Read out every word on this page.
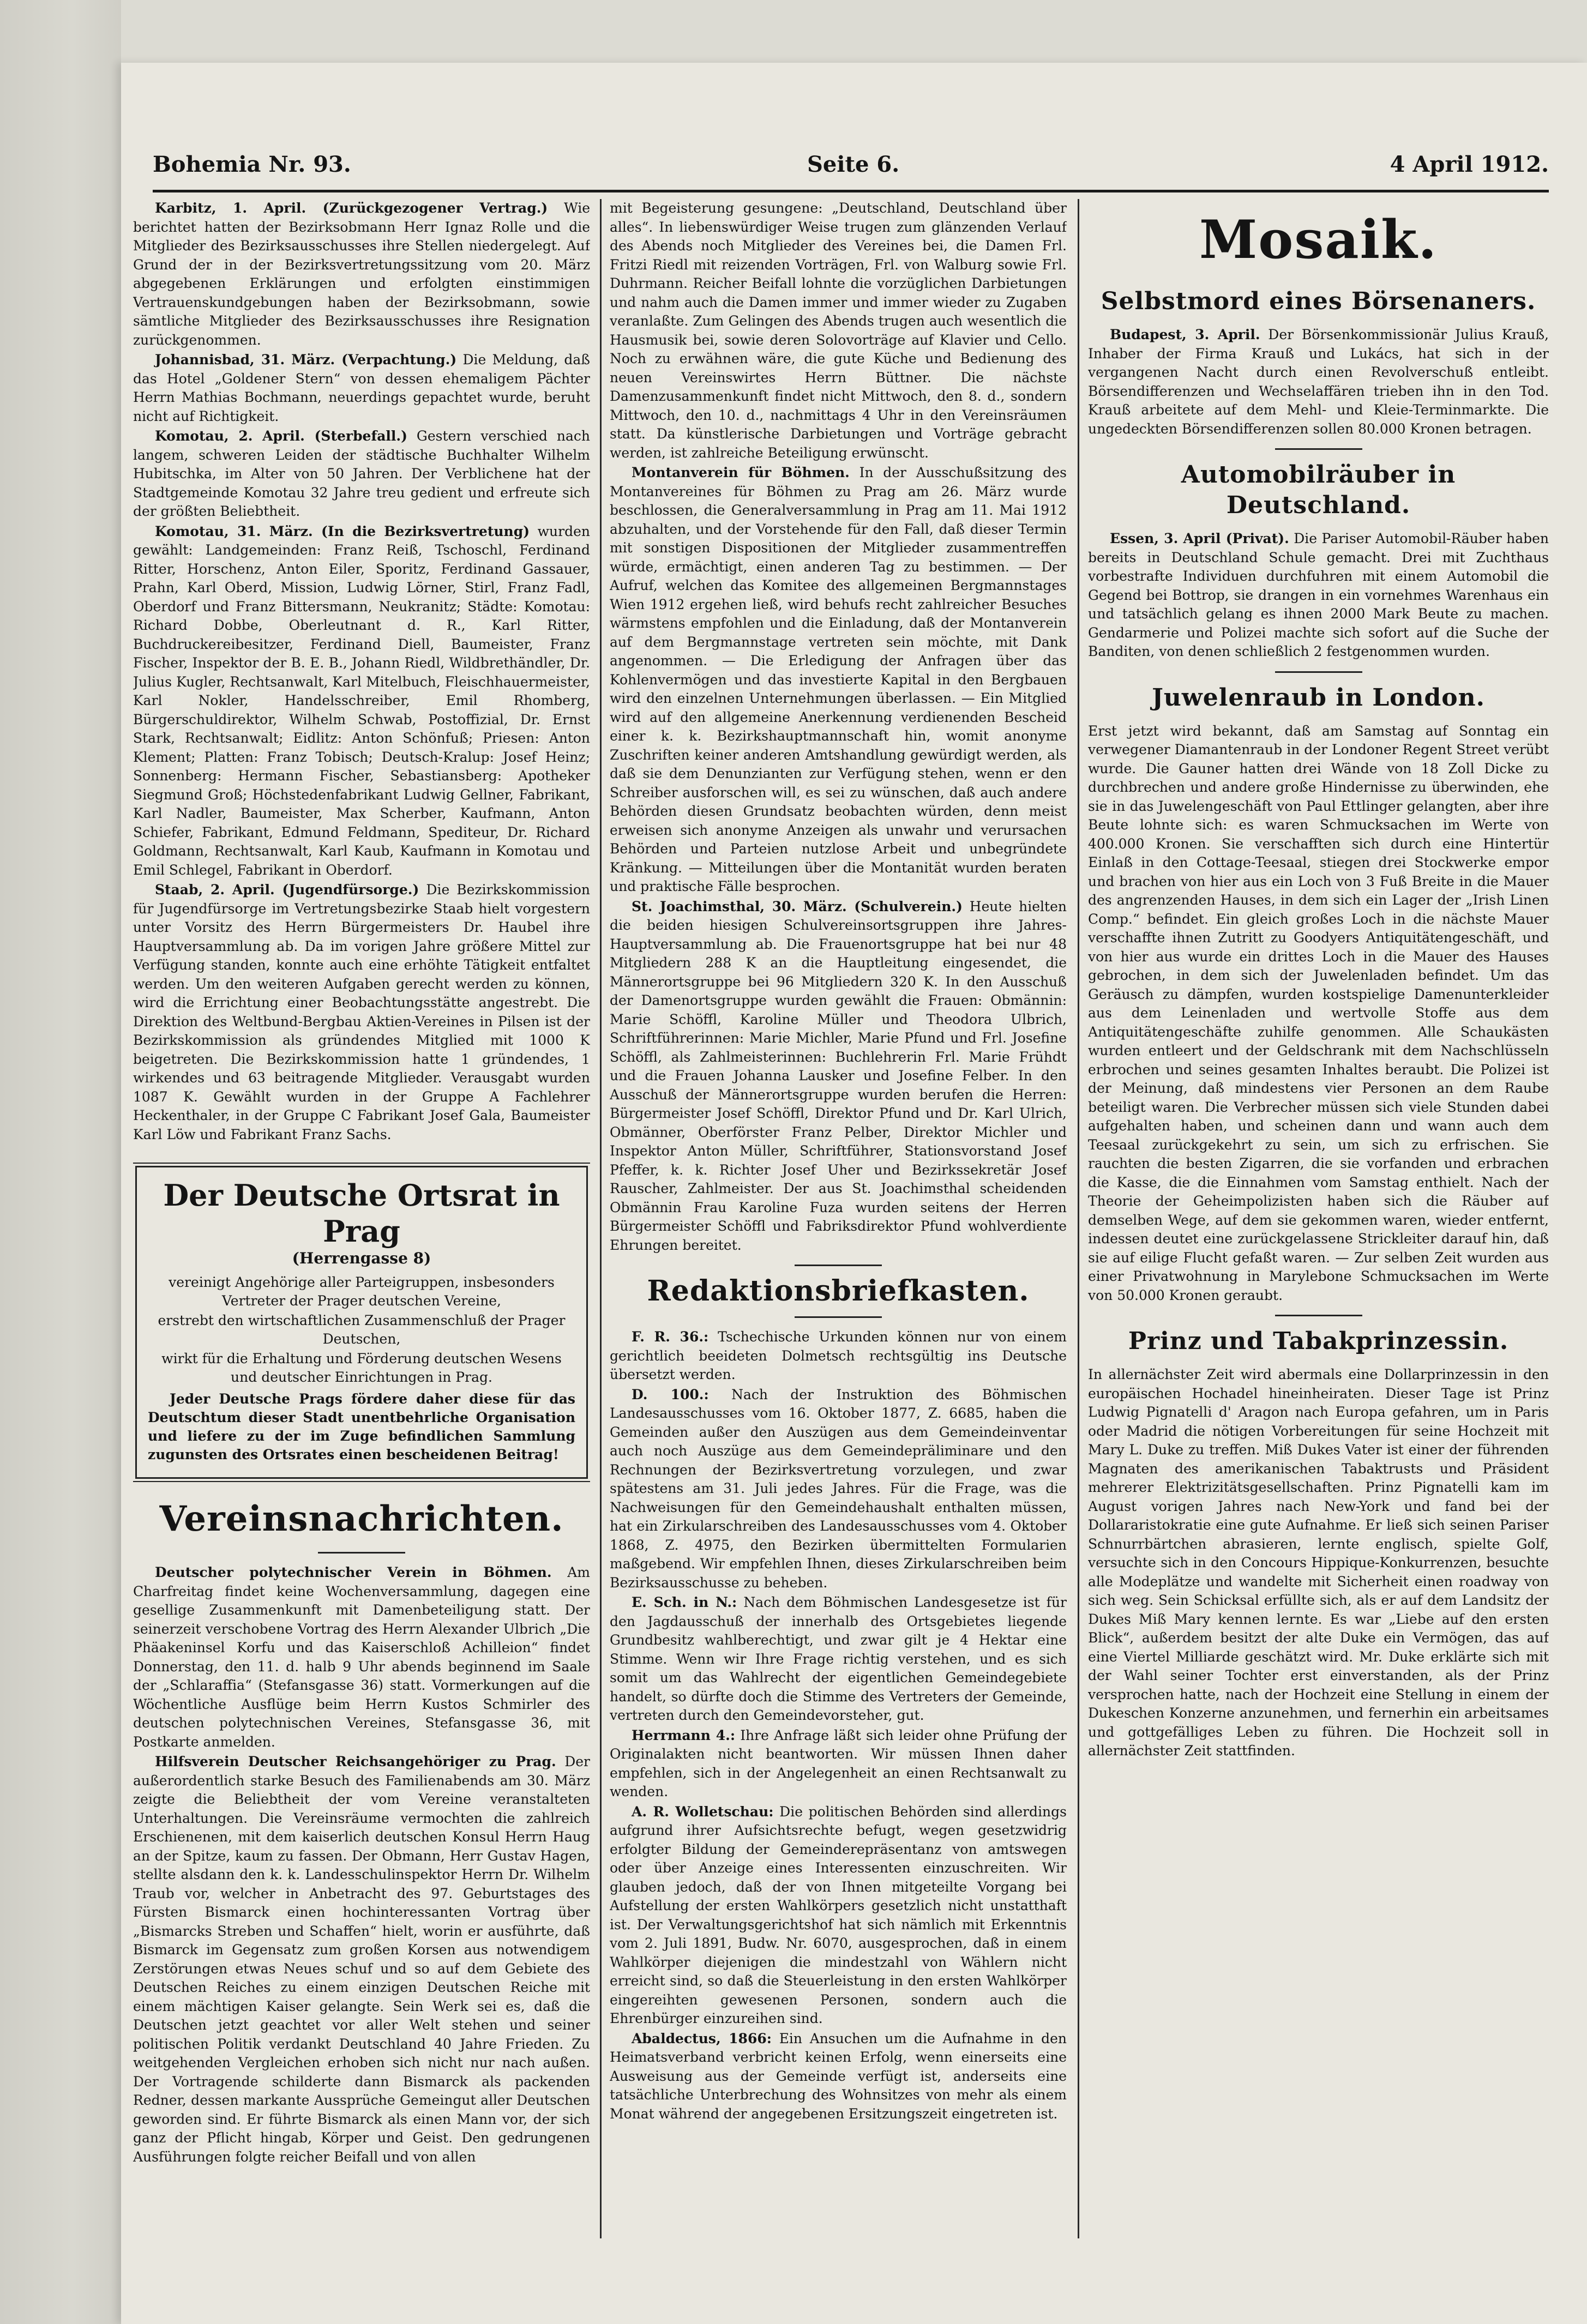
Bohemia Nr. 93.	Seite 6.	4 April 1912.

Karbitz, 1. April. (Zurückgezogener Vertrag.) Wie berichtet hatten der Bezirksobmann Herr Ignaz Rolle und die Mitglieder des Bezirksausschusses ihre Stellen niedergelegt. Auf Grund der in der Bezirksvertretungssitzung vom 20. März abgegebenen Erklärungen und erfolgten einstimmigen Vertrauenskundgebungen haben der Bezirksobmann, sowie sämtliche Mitglieder des Bezirksausschusses ihre Resignation zurückgenommen.

Johannisbad, 31. März. (Verpachtung.) Die Meldung, daß das Hotel „Goldener Stern“ von dessen ehemaligem Pächter Herrn Mathias Bochmann, neuerdings gepachtet wurde, beruht nicht auf Richtigkeit.

Komotau, 2. April. (Sterbefall.) Gestern verschied nach langem, schweren Leiden der städtische Buchhalter Wilhelm Hubitschka, im Alter von 50 Jahren. Der Verblichene hat der Stadtgemeinde Komotau 32 Jahre treu gedient und erfreute sich der größten Beliebtheit.

Komotau, 31. März. (In die Bezirksvertretung) wurden gewählt: Landgemeinden: Franz Reiß, Tschoschl, Ferdinand Ritter, Horschenz, Anton Eiler, Sporitz, Ferdinand Gassauer, Prahn, Karl Oberd, Mission, Ludwig Lörner, Stirl, Franz Fadl, Oberdorf und Franz Bittersmann, Neukranitz; Städte: Komotau: Richard Dobbe, Oberleutnant d. R., Karl Ritter, Buchdruckereibesitzer, Ferdinand Diell, Baumeister, Franz Fischer, Inspektor der B. E. B., Johann Riedl, Wildbrethändler, Dr. Julius Kugler, Rechtsanwalt, Karl Mitelbuch, Fleischhauermeister, Karl Nokler, Handelsschreiber, Emil Rhomberg, Bürgerschuldirektor, Wilhelm Schwab, Postoffizial, Dr. Ernst Stark, Rechtsanwalt; Eidlitz: Anton Schönfuß; Priesen: Anton Klement; Platten: Franz Tobisch; Deutsch-Kralup: Josef Heinz; Sonnenberg: Hermann Fischer, Sebastiansberg: Apotheker Siegmund Groß; Höchstedenfabrikant Ludwig Gellner, Fabrikant, Karl Nadler, Baumeister, Max Scherber, Kaufmann, Anton Schiefer, Fabrikant, Edmund Feldmann, Spediteur, Dr. Richard Goldmann, Rechtsanwalt, Karl Kaub, Kaufmann in Komotau und Emil Schlegel, Fabrikant in Oberdorf.

Staab, 2. April. (Jugendfürsorge.) Die Bezirkskommission für Jugendfürsorge im Vertretungsbezirke Staab hielt vorgestern unter Vorsitz des Herrn Bürgermeisters Dr. Haubel ihre Hauptversammlung ab. Da im vorigen Jahre größere Mittel zur Verfügung standen, konnte auch eine erhöhte Tätigkeit entfaltet werden. Um den weiteren Aufgaben gerecht werden zu können, wird die Errichtung einer Beobachtungsstätte angestrebt. Die Direktion des Weltbund-Bergbau Aktien-Vereines in Pilsen ist der Bezirkskommission als gründendes Mitglied mit 1000 K beigetreten. Die Bezirkskommission hatte 1 gründendes, 1 wirkendes und 63 beitragende Mitglieder. Verausgabt wurden 1087 K. Gewählt wurden in der Gruppe A Fachlehrer Heckenthaler, in der Gruppe C Fabrikant Josef Gala, Baumeister Karl Löw und Fabrikant Franz Sachs.

Der Deutsche Ortsrat in Prag
(Herrengasse 8)

vereinigt Angehörige aller Parteigruppen, insbesonders Vertreter der Prager deutschen Vereine,

erstrebt den wirtschaftlichen Zusammenschluß der Prager Deutschen,

wirkt für die Erhaltung und Förderung deutschen Wesens und deutscher Einrichtungen in Prag.

Jeder Deutsche Prags fördere daher diese für das Deutschtum dieser Stadt unentbehrliche Organisation und liefere zu der im Zuge befindlichen Sammlung zugunsten des Ortsrates einen bescheidenen Beitrag!

Vereinsnachrichten.

Deutscher polytechnischer Verein in Böhmen. Am Charfreitag findet keine Wochenversammlung, dagegen eine gesellige Zusammenkunft mit Damenbeteiligung statt. Der seinerzeit verschobene Vortrag des Herrn Alexander Ulbrich „Die Phäakeninsel Korfu und das Kaiserschloß Achilleion“ findet Donnerstag, den 11. d. halb 9 Uhr abends beginnend im Saale der „Schlaraffia“ (Stefansgasse 36) statt. Vormerkungen auf die Wöchentliche Ausflüge beim Herrn Kustos Schmirler des deutschen polytechnischen Vereines, Stefansgasse 36, mit Postkarte anmelden.

Hilfsverein Deutscher Reichsangehöriger zu Prag. Der außerordentlich starke Besuch des Familienabends am 30. März zeigte die Beliebtheit der vom Vereine veranstalteten Unterhaltungen. Die Vereinsräume vermochten die zahlreich Erschienenen, mit dem kaiserlich deutschen Konsul Herrn Haug an der Spitze, kaum zu fassen. Der Obmann, Herr Gustav Hagen, stellte alsdann den k. k. Landesschulinspektor Herrn Dr. Wilhelm Traub vor, welcher in Anbetracht des 97. Geburtstages des Fürsten Bismarck einen hochinteressanten Vortrag über „Bismarcks Streben und Schaffen“ hielt, worin er ausführte, daß Bismarck im Gegensatz zum großen Korsen aus notwendigem Zerstörungen etwas Neues schuf und so auf dem Gebiete des Deutschen Reiches zu einem einzigen Deutschen Reiche mit einem mächtigen Kaiser gelangte. Sein Werk sei es, daß die Deutschen jetzt geachtet vor aller Welt stehen und seiner politischen Politik verdankt Deutschland 40 Jahre Frieden. Zu weitgehenden Vergleichen erhoben sich nicht nur nach außen. Der Vortragende schilderte dann Bismarck als packenden Redner, dessen markante Aussprüche Gemeingut aller Deutschen geworden sind. Er führte Bismarck als einen Mann vor, der sich ganz der Pflicht hingab, Körper und Geist. Den gedrungenen Ausführungen folgte reicher Beifall und von allen

mit Begeisterung gesungene: „Deutschland, Deutschland über alles“. In liebenswürdiger Weise trugen zum glänzenden Verlauf des Abends noch Mitglieder des Vereines bei, die Damen Frl. Fritzi Riedl mit reizenden Vorträgen, Frl. von Walburg sowie Frl. Duhrmann. Reicher Beifall lohnte die vorzüglichen Darbietungen und nahm auch die Damen immer und immer wieder zu Zugaben veranlaßte. Zum Gelingen des Abends trugen auch wesentlich die Hausmusik bei, sowie deren Solovorträge auf Klavier und Cello. Noch zu erwähnen wäre, die gute Küche und Bedienung des neuen Vereinswirtes Herrn Büttner. Die nächste Damenzusammenkunft findet nicht Mittwoch, den 8. d., sondern Mittwoch, den 10. d., nachmittags 4 Uhr in den Vereinsräumen statt. Da künstlerische Darbietungen und Vorträge gebracht werden, ist zahlreiche Beteiligung erwünscht.

Montanverein für Böhmen. In der Ausschußsitzung des Montanvereines für Böhmen zu Prag am 26. März wurde beschlossen, die Generalversammlung in Prag am 11. Mai 1912 abzuhalten, und der Vorstehende für den Fall, daß dieser Termin mit sonstigen Dispositionen der Mitglieder zusammentreffen würde, ermächtigt, einen anderen Tag zu bestimmen. — Der Aufruf, welchen das Komitee des allgemeinen Bergmannstages Wien 1912 ergehen ließ, wird behufs recht zahlreicher Besuches wärmstens empfohlen und die Einladung, daß der Montanverein auf dem Bergmannstage vertreten sein möchte, mit Dank angenommen. — Die Erledigung der Anfragen über das Kohlenvermögen und das investierte Kapital in den Bergbauen wird den einzelnen Unternehmungen überlassen. — Ein Mitglied wird auf den allgemeine Anerkennung verdienenden Bescheid einer k. k. Bezirkshauptmannschaft hin, womit anonyme Zuschriften keiner anderen Amtshandlung gewürdigt werden, als daß sie dem Denunzianten zur Verfügung stehen, wenn er den Schreiber ausforschen will, es sei zu wünschen, daß auch andere Behörden diesen Grundsatz beobachten würden, denn meist erweisen sich anonyme Anzeigen als unwahr und verursachen Behörden und Parteien nutzlose Arbeit und unbegründete Kränkung. — Mitteilungen über die Montanität wurden beraten und praktische Fälle besprochen.

St. Joachimsthal, 30. März. (Schulverein.) Heute hielten die beiden hiesigen Schulvereinsortsgruppen ihre Jahres-Hauptversammlung ab. Die Frauenortsgruppe hat bei nur 48 Mitgliedern 288 K an die Hauptleitung eingesendet, die Männerortsgruppe bei 96 Mitgliedern 320 K. In den Ausschuß der Damenortsgruppe wurden gewählt die Frauen: Obmännin: Marie Schöffl, Karoline Müller und Theodora Ulbrich, Schriftführerinnen: Marie Michler, Marie Pfund und Frl. Josefine Schöffl, als Zahlmeisterinnen: Buchlehrerin Frl. Marie Frühdt und die Frauen Johanna Lausker und Josefine Felber. In den Ausschuß der Männerortsgruppe wurden berufen die Herren: Bürgermeister Josef Schöffl, Direktor Pfund und Dr. Karl Ulrich, Obmänner, Oberförster Franz Pelber, Direktor Michler und Inspektor Anton Müller, Schriftführer, Stationsvorstand Josef Pfeffer, k. k. Richter Josef Uher und Bezirkssekretär Josef Rauscher, Zahlmeister. Der aus St. Joachimsthal scheidenden Obmännin Frau Karoline Fuza wurden seitens der Herren Bürgermeister Schöffl und Fabriksdirektor Pfund wohlverdiente Ehrungen bereitet.

Redaktionsbriefkasten.

F. R. 36.: Tschechische Urkunden können nur von einem gerichtlich beeideten Dolmetsch rechtsgültig ins Deutsche übersetzt werden.

D. 100.: Nach der Instruktion des Böhmischen Landesausschusses vom 16. Oktober 1877, Z. 6685, haben die Gemeinden außer den Auszügen aus dem Gemeindeinventar auch noch Auszüge aus dem Gemeindepräliminare und den Rechnungen der Bezirksvertretung vorzulegen, und zwar spätestens am 31. Juli jedes Jahres. Für die Frage, was die Nachweisungen für den Gemeindehaushalt enthalten müssen, hat ein Zirkularschreiben des Landesausschusses vom 4. Oktober 1868, Z. 4975, den Bezirken übermittelten Formularien maßgebend. Wir empfehlen Ihnen, dieses Zirkularschreiben beim Bezirksausschusse zu beheben.

E. Sch. in N.: Nach dem Böhmischen Landesgesetze ist für den Jagdausschuß der innerhalb des Ortsgebietes liegende Grundbesitz wahlberechtigt, und zwar gilt je 4 Hektar eine Stimme. Wenn wir Ihre Frage richtig verstehen, und es sich somit um das Wahlrecht der eigentlichen Gemeindegebiete handelt, so dürfte doch die Stimme des Vertreters der Gemeinde, vertreten durch den Gemeindevorsteher, gut.

Herrmann 4.: Ihre Anfrage läßt sich leider ohne Prüfung der Originalakten nicht beantworten. Wir müssen Ihnen daher empfehlen, sich in der Angelegenheit an einen Rechtsanwalt zu wenden.

A. R. Wolletschau: Die politischen Behörden sind allerdings aufgrund ihrer Aufsichtsrechte befugt, wegen gesetzwidrig erfolgter Bildung der Gemeinderepräsentanz von amtswegen oder über Anzeige eines Interessenten einzuschreiten. Wir glauben jedoch, daß der von Ihnen mitgeteilte Vorgang bei Aufstellung der ersten Wahlkörpers gesetzlich nicht unstatthaft ist. Der Verwaltungsgerichtshof hat sich nämlich mit Erkenntnis vom 2. Juli 1891, Budw. Nr. 6070, ausgesprochen, daß in einem Wahlkörper diejenigen die mindestzahl von Wählern nicht erreicht sind, so daß die Steuerleistung in den ersten Wahlkörper eingereihten gewesenen Personen, sondern auch die Ehrenbürger einzureihen sind.

Abaldectus, 1866: Ein Ansuchen um die Aufnahme in den Heimatsverband verbricht keinen Erfolg, wenn einerseits eine Ausweisung aus der Gemeinde verfügt ist, anderseits eine tatsächliche Unterbrechung des Wohnsitzes von mehr als einem Monat während der angegebenen Ersitzungszeit eingetreten ist.

Mosaik.
Selbstmord eines Börsenaners.

Budapest, 3. April. Der Börsenkommissionär Julius Krauß, Inhaber der Firma Krauß und Lukács, hat sich in der vergangenen Nacht durch einen Revolverschuß entleibt. Börsendifferenzen und Wechselaffären trieben ihn in den Tod. Krauß arbeitete auf dem Mehl- und Kleie-Terminmarkte. Die ungedeckten Börsendifferenzen sollen 80.000 Kronen betragen.

Automobilräuber in Deutschland.

Essen, 3. April (Privat). Die Pariser Automobil-Räuber haben bereits in Deutschland Schule gemacht. Drei mit Zuchthaus vorbestrafte Individuen durchfuhren mit einem Automobil die Gegend bei Bottrop, sie drangen in ein vornehmes Warenhaus ein und tatsächlich gelang es ihnen 2000 Mark Beute zu machen. Gendarmerie und Polizei machte sich sofort auf die Suche der Banditen, von denen schließlich 2 festgenommen wurden.

Juwelenraub in London.

Erst jetzt wird bekannt, daß am Samstag auf Sonntag ein verwegener Diamantenraub in der Londoner Regent Street verübt wurde. Die Gauner hatten drei Wände von 18 Zoll Dicke zu durchbrechen und andere große Hindernisse zu überwinden, ehe sie in das Juwelengeschäft von Paul Ettlinger gelangten, aber ihre Beute lohnte sich: es waren Schmucksachen im Werte von 400.000 Kronen. Sie verschafften sich durch eine Hintertür Einlaß in den Cottage-Teesaal, stiegen drei Stockwerke empor und brachen von hier aus ein Loch von 3 Fuß Breite in die Mauer des angrenzenden Hauses, in dem sich ein Lager der „Irish Linen Comp.“ befindet. Ein gleich großes Loch in die nächste Mauer verschaffte ihnen Zutritt zu Goodyers Antiquitätengeschäft, und von hier aus wurde ein drittes Loch in die Mauer des Hauses gebrochen, in dem sich der Juwelenladen befindet. Um das Geräusch zu dämpfen, wurden kostspielige Damenunterkleider aus dem Leinenladen und wertvolle Stoffe aus dem Antiquitätengeschäfte zuhilfe genommen. Alle Schaukästen wurden entleert und der Geldschrank mit dem Nachschlüsseln erbrochen und seines gesamten Inhaltes beraubt. Die Polizei ist der Meinung, daß mindestens vier Personen an dem Raube beteiligt waren. Die Verbrecher müssen sich viele Stunden dabei aufgehalten haben, und scheinen dann und wann auch dem Teesaal zurückgekehrt zu sein, um sich zu erfrischen. Sie rauchten die besten Zigarren, die sie vorfanden und erbrachen die Kasse, die die Einnahmen vom Samstag enthielt. Nach der Theorie der Geheimpolizisten haben sich die Räuber auf demselben Wege, auf dem sie gekommen waren, wieder entfernt, indessen deutet eine zurückgelassene Strickleiter darauf hin, daß sie auf eilige Flucht gefaßt waren. — Zur selben Zeit wurden aus einer Privatwohnung in Marylebone Schmucksachen im Werte von 50.000 Kronen geraubt.

Prinz und Tabakprinzessin.

In allernächster Zeit wird abermals eine Dollarprinzessin in den europäischen Hochadel hineinheiraten. Dieser Tage ist Prinz Ludwig Pignatelli d' Aragon nach Europa gefahren, um in Paris oder Madrid die nötigen Vorbereitungen für seine Hochzeit mit Mary L. Duke zu treffen. Miß Dukes Vater ist einer der führenden Magnaten des amerikanischen Tabaktrusts und Präsident mehrerer Elektrizitätsgesellschaften. Prinz Pignatelli kam im August vorigen Jahres nach New-York und fand bei der Dollararistokratie eine gute Aufnahme. Er ließ sich seinen Pariser Schnurrbärtchen abrasieren, lernte englisch, spielte Golf, versuchte sich in den Concours Hippique-Konkurrenzen, besuchte alle Modeplätze und wandelte mit Sicherheit einen roadway von sich weg. Sein Schicksal erfüllte sich, als er auf dem Landsitz der Dukes Miß Mary kennen lernte. Es war „Liebe auf den ersten Blick“, außerdem besitzt der alte Duke ein Vermögen, das auf eine Viertel Milliarde geschätzt wird. Mr. Duke erklärte sich mit der Wahl seiner Tochter erst einverstanden, als der Prinz versprochen hatte, nach der Hochzeit eine Stellung in einem der Dukeschen Konzerne anzunehmen, und fernerhin ein arbeitsames und gottgefälliges Leben zu führen. Die Hochzeit soll in allernächster Zeit stattfinden.
